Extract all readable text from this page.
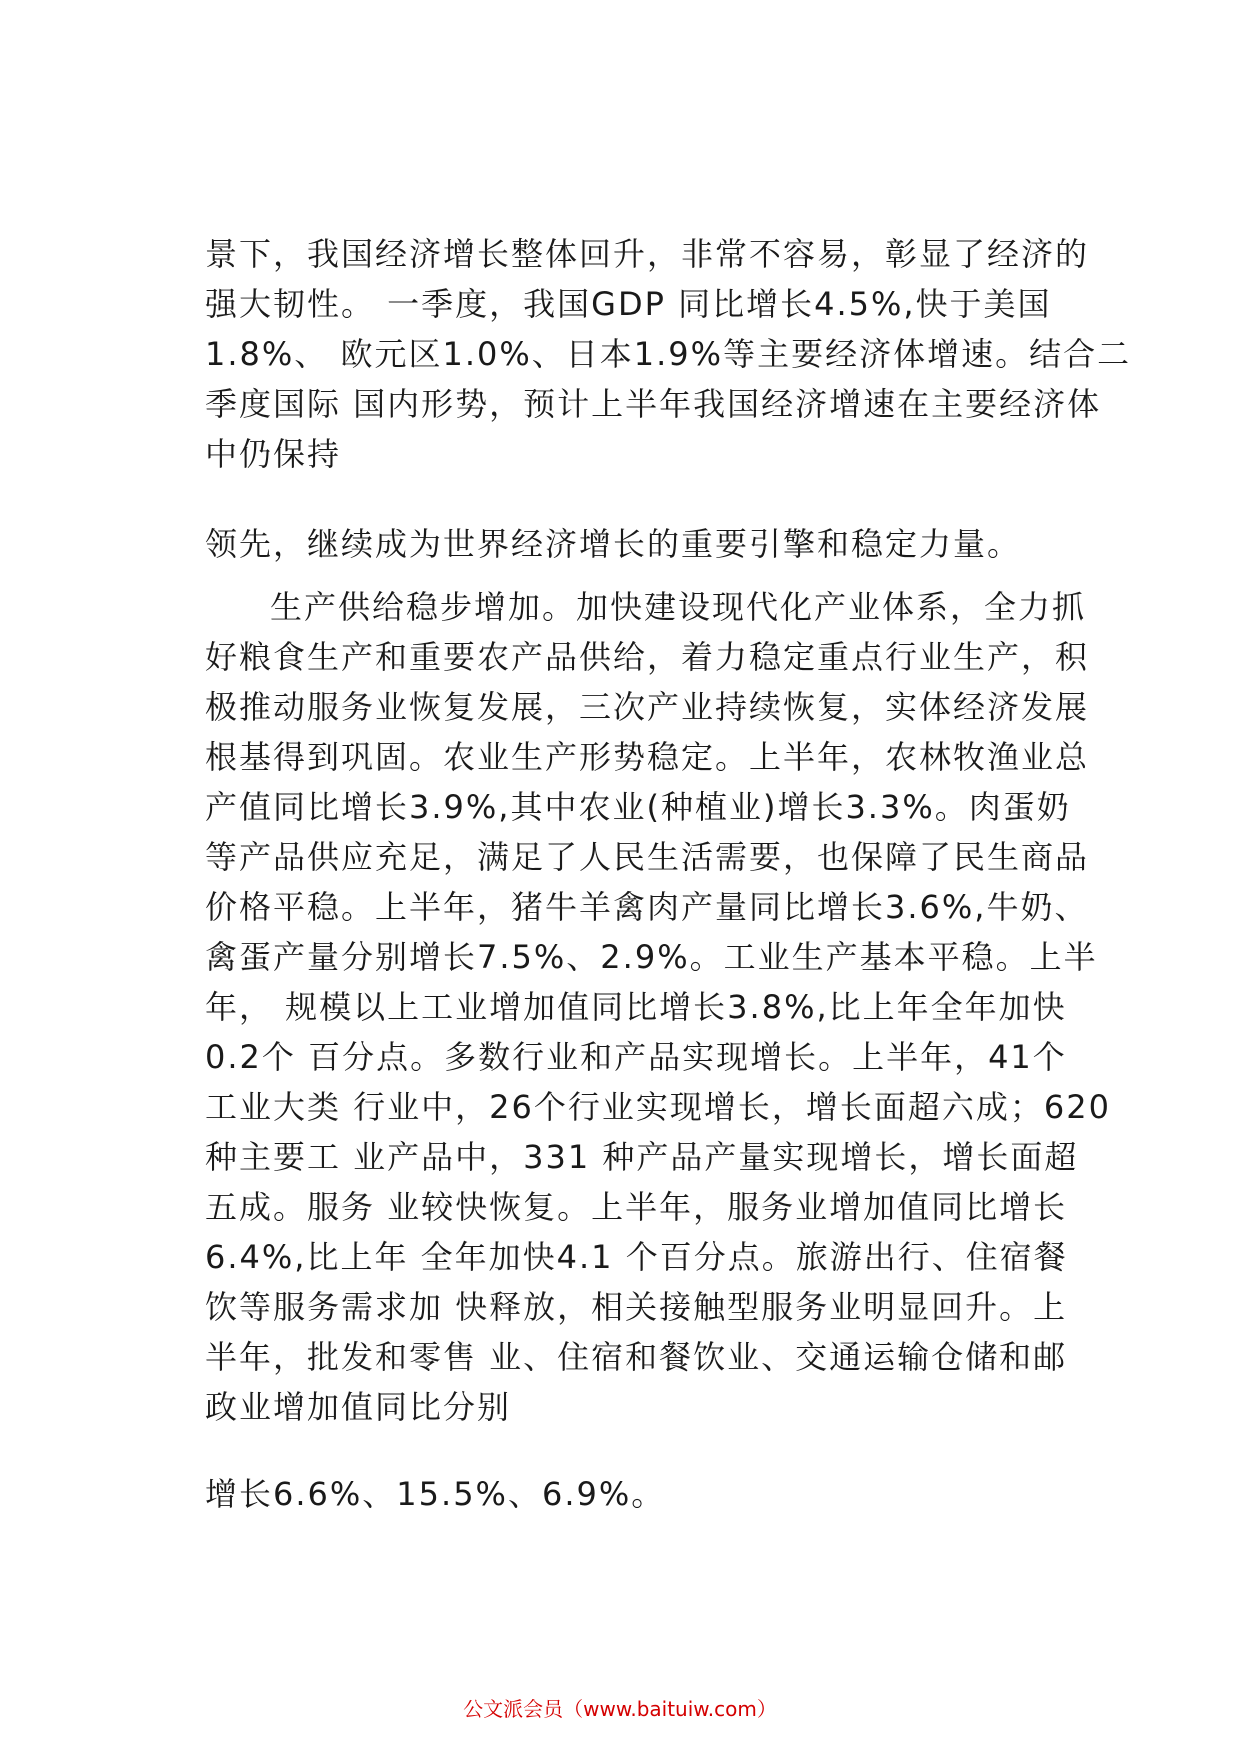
景下，我国经济增长整体回升，非常不容易，彰显了经济的
强大韧性。 一季度，我国GDP 同比增长4.5%,快于美国
1.8%、 欧元区1.0%、日本1.9%等主要经济体增速。结合二
季度国际 国内形势，预计上半年我国经济增速在主要经济体
中仍保持
领先，继续成为世界经济增长的重要引擎和稳定力量。
生产供给稳步增加。加快建设现代化产业体系，全力抓
好粮食生产和重要农产品供给，着力稳定重点行业生产，积
极推动服务业恢复发展，三次产业持续恢复，实体经济发展
根基得到巩固。农业生产形势稳定。上半年，农林牧渔业总
产值同比增长3.9%,其中农业(种植业)增长3.3%。肉蛋奶
等产品供应充足，满足了人民生活需要，也保障了民生商品
价格平稳。上半年，猪牛羊禽肉产量同比增长3.6%,牛奶、
禽蛋产量分别增长7.5%、2.9%。工业生产基本平稳。上半
年， 规模以上工业增加值同比增长3.8%,比上年全年加快
0.2个 百分点。多数行业和产品实现增长。上半年，41个
工业大类 行业中，26个行业实现增长，增长面超六成；620
种主要工 业产品中，331 种产品产量实现增长，增长面超
五成。服务 业较快恢复。上半年，服务业增加值同比增长
6.4%,比上年 全年加快4.1 个百分点。旅游出行、住宿餐
饮等服务需求加 快释放，相关接触型服务业明显回升。上
半年，批发和零售 业、住宿和餐饮业、交通运输仓储和邮
政业增加值同比分别
增长6.6%、15.5%、6.9%。
公文派会员（www.baituiw.com）
